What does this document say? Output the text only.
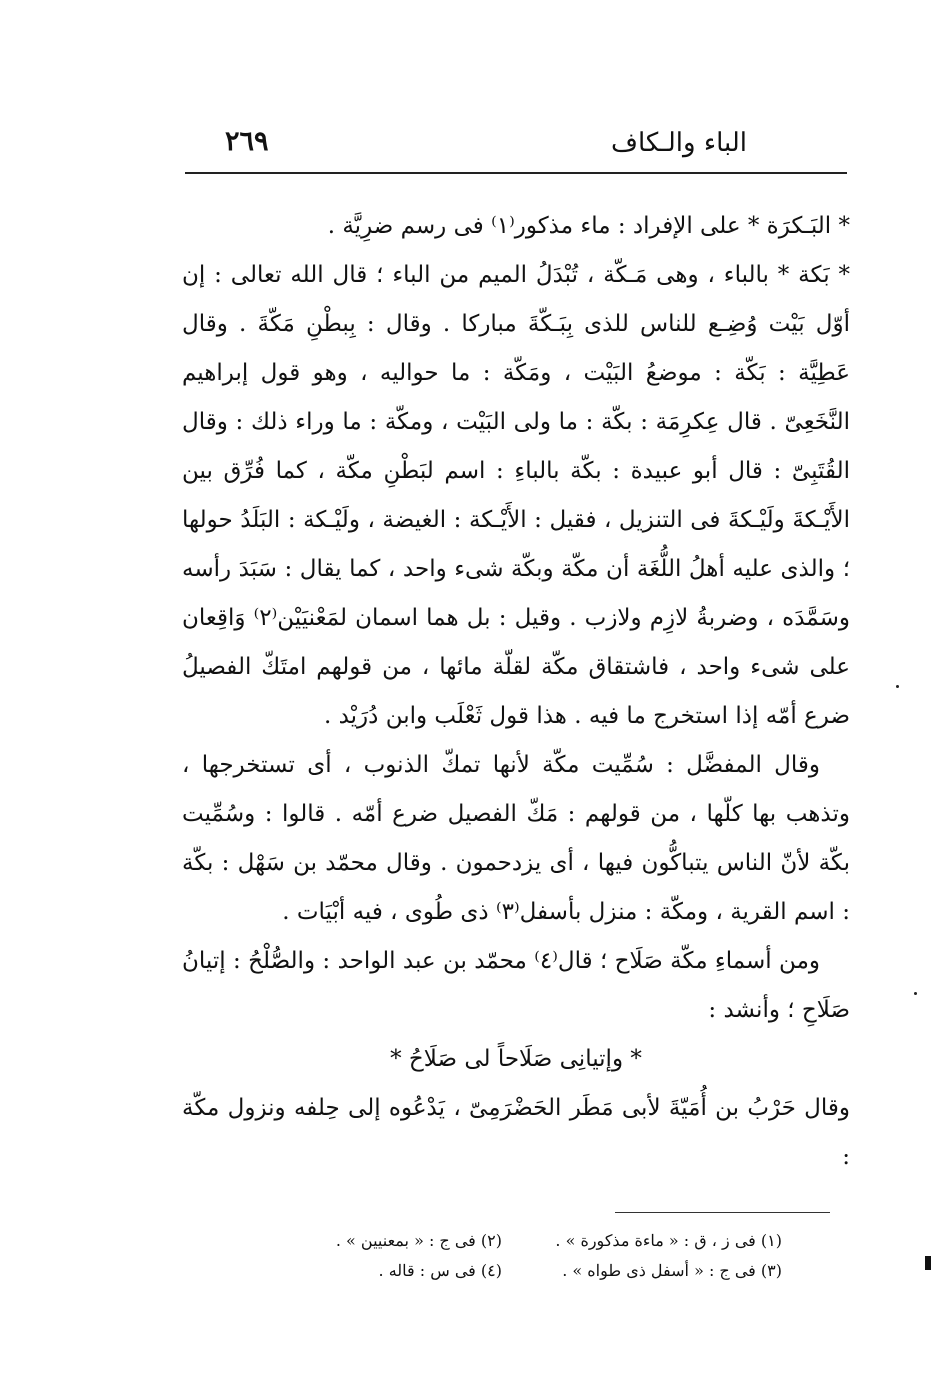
الباء والـكاف
٢٦٩

* البَـكرَة * على الإفراد : ماء مذكور⁽١⁾ فى رسم ضرِيَّة .

* بَكة * بالباء ، وهى مَـكّة ، تُبْدَلُ الميم من الباء ؛ قال الله تعالى : إن أوّل بَيْت وُضِـع للناس للذى بِبَـكّةَ مباركا . وقال : بِبطْنِ مَكّةَ . وقال عَطِيَّة : بَكّة : موضعُ البَيْت ، ومَكّة : ما حواليه ، وهو قول إبراهيم النَّخَعِىّ . قال عِكرِمَة : بكّة : ما ولى البَيْت ، ومكّة : ما وراء ذلك : وقال القُتَبِىّ : قال أبو عبيدة : بكّة بالباءِ : اسم لبَطْنِ مكّة ، كما فُرِّق بين الأَيْـكةَ ولَيْـكةَ فى التنزيل ، فقيل : الأَيْـكة : الغيضة ، ولَيْـكة : البَلَدُ حولها ؛ والذى عليه أهلُ اللُّغَة أن مكّة وبكّة شىء واحد ، كما يقال : سَبَدَ رأسه وسَمَّدَه ، وضربةُ لازِم ولازب . وقيل : بل هما اسمان لمَعْنيَيْن⁽٢⁾ وَاقِعان على شىء واحد ، فاشتقاق مكّة لقلّة مائها ، من قولهم امتَكّ الفصيلُ ضرع أمّه إذا استخرج ما فيه . هذا قول ثَعْلَب وابن دُرَيْد .

وقال المفضَّل : سُمِّيت مكّة لأنها تمكّ الذنوب ، أى تستخرجها ، وتذهب بها كلّها ، من قولهم : مَكّ الفصيل ضرع أمّه . قالوا : وسُمِّيت بكّة لأنّ الناس يتباكُّون فيها ، أى يزدحمون . وقال محمّد بن سَهْل : بكّة : اسم القرية ، ومكّة : منزل بأسفل⁽٣⁾ ذى طُوى ، فيه أبْيَات .

ومن أسماءِ مكّة صَلَاح ؛ قال⁽٤⁾ محمّد بن عبد الواحد : والصُّلْحُ : إتيانُ صَلَاحِ ؛ وأنشد :

* وإتيانِى صَلَاحاً لى صَلَاحُ *

وقال حَرْبُ بن أُمَيّةَ لأبى مَطَر الحَضْرَمِىّ ، يَدْعُوه إلى حِلفه ونزول مكّة :

(١) فى ز ، ق : « ماءة مذكورة » .
(٢) فى ج : « بمعنيين » .
(٣) فى ج : « أسفل ذى طواه » .
(٤) فى س : قاله .
